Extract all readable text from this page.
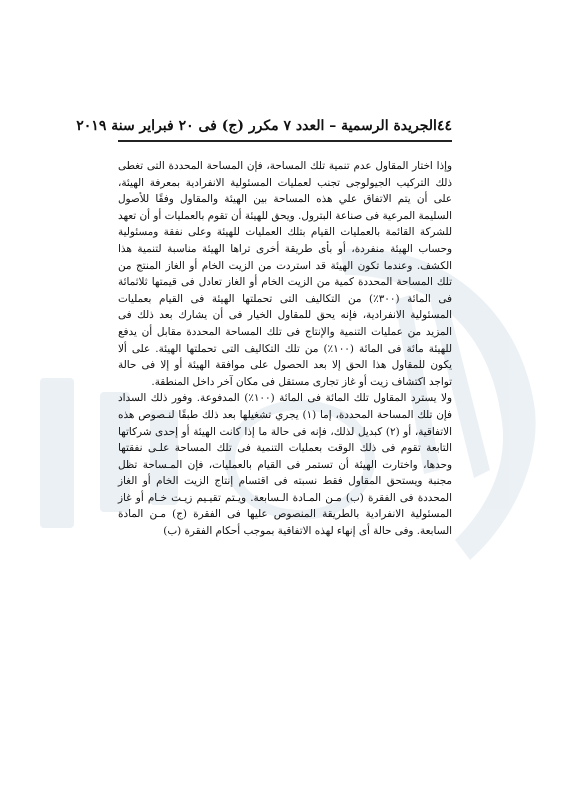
٤٤
الجريدة الرسمية – العدد ٧ مكرر (ج) فى ٢٠ فبراير سنة ٢٠١٩

وإذا اختار المقاول عدم تنمية تلك المساحة، فإن المساحة المحددة التى تغطى ذلك التركيب الجيولوجى تجنب لعمليات المسئولية الانفرادية بمعرفة الهيئة، على أن يتم الاتفاق علي هذه المساحة بين الهيئة والمقاول وفقًا للأصول السليمة المرعية فى صناعة البترول. ويحق للهيئة أن تقوم بالعمليات أو أن تعهد للشركة القائمة بالعمليات القيام بتلك العمليات للهيئة وعلى نفقة ومسئولية وحساب الهيئة منفردة، أو بأى طريقة أخرى تراها الهيئة مناسبة لتنمية هذا الكشف. وعندما تكون الهيئة قد استردت من الزيت الخام أو الغاز المنتج من تلك المساحة المحددة كمية من الزيت الخام أو الغاز تعادل فى قيمتها ثلاثمائة فى المائة (٣٠٠٪) من التكاليف التى تحملتها الهيئة فى القيام بعمليات المسئولية الانفرادية، فإنه يحق للمقاول الخيار فى أن يشارك بعد ذلك فى المزيد من عمليات التنمية والإنتاج فى تلك المساحة المحددة مقابل أن يدفع للهيئة مائة فى المائة (١٠٠٪) من تلك التكاليف التى تحملتها الهيئة. على ألا يكون للمقاول هذا الحق إلا بعد الحصول على موافقة الهيئة أو إلا فى حالة تواجد اكتشاف زيت أو غاز تجارى مستقل فى مكان آخر داخل المنطقة.

ولا يسترد المقاول تلك المائة فى المائة (١٠٠٪) المدفوعة. وفور ذلك السداد فإن تلك المساحة المحددة، إما (١) يجري تشغيلها بعد ذلك طبقًا لنـصوص هذه الاتفاقية، أو (٢) كبديل لذلك، فإنه فى حالة ما إذا كانت الهيئة أو إحدى شركاتها التابعة تقوم فى ذلك الوقت بعمليات التنمية فى تلك المساحة علـى نفقتها وحدها، واختارت الهيئة أن تستمر فى القيام بالعمليات، فإن المـساحة تظل مجنبة ويستحق المقاول فقط نسبته فى اقتسام إنتاج الزيت الخام أو الغاز المحددة فى الفقرة (ب) مـن المـادة الـسابعة. ويـتم تقيـيم زيـت خـام أو غاز المسئولية الانفرادية بالطريقة المنصوص عليها فى الفقرة (ج) مـن المادة السابعة. وفى حالة أى إنهاء لهذه الاتفاقية بموجب أحكام الفقرة (ب)
